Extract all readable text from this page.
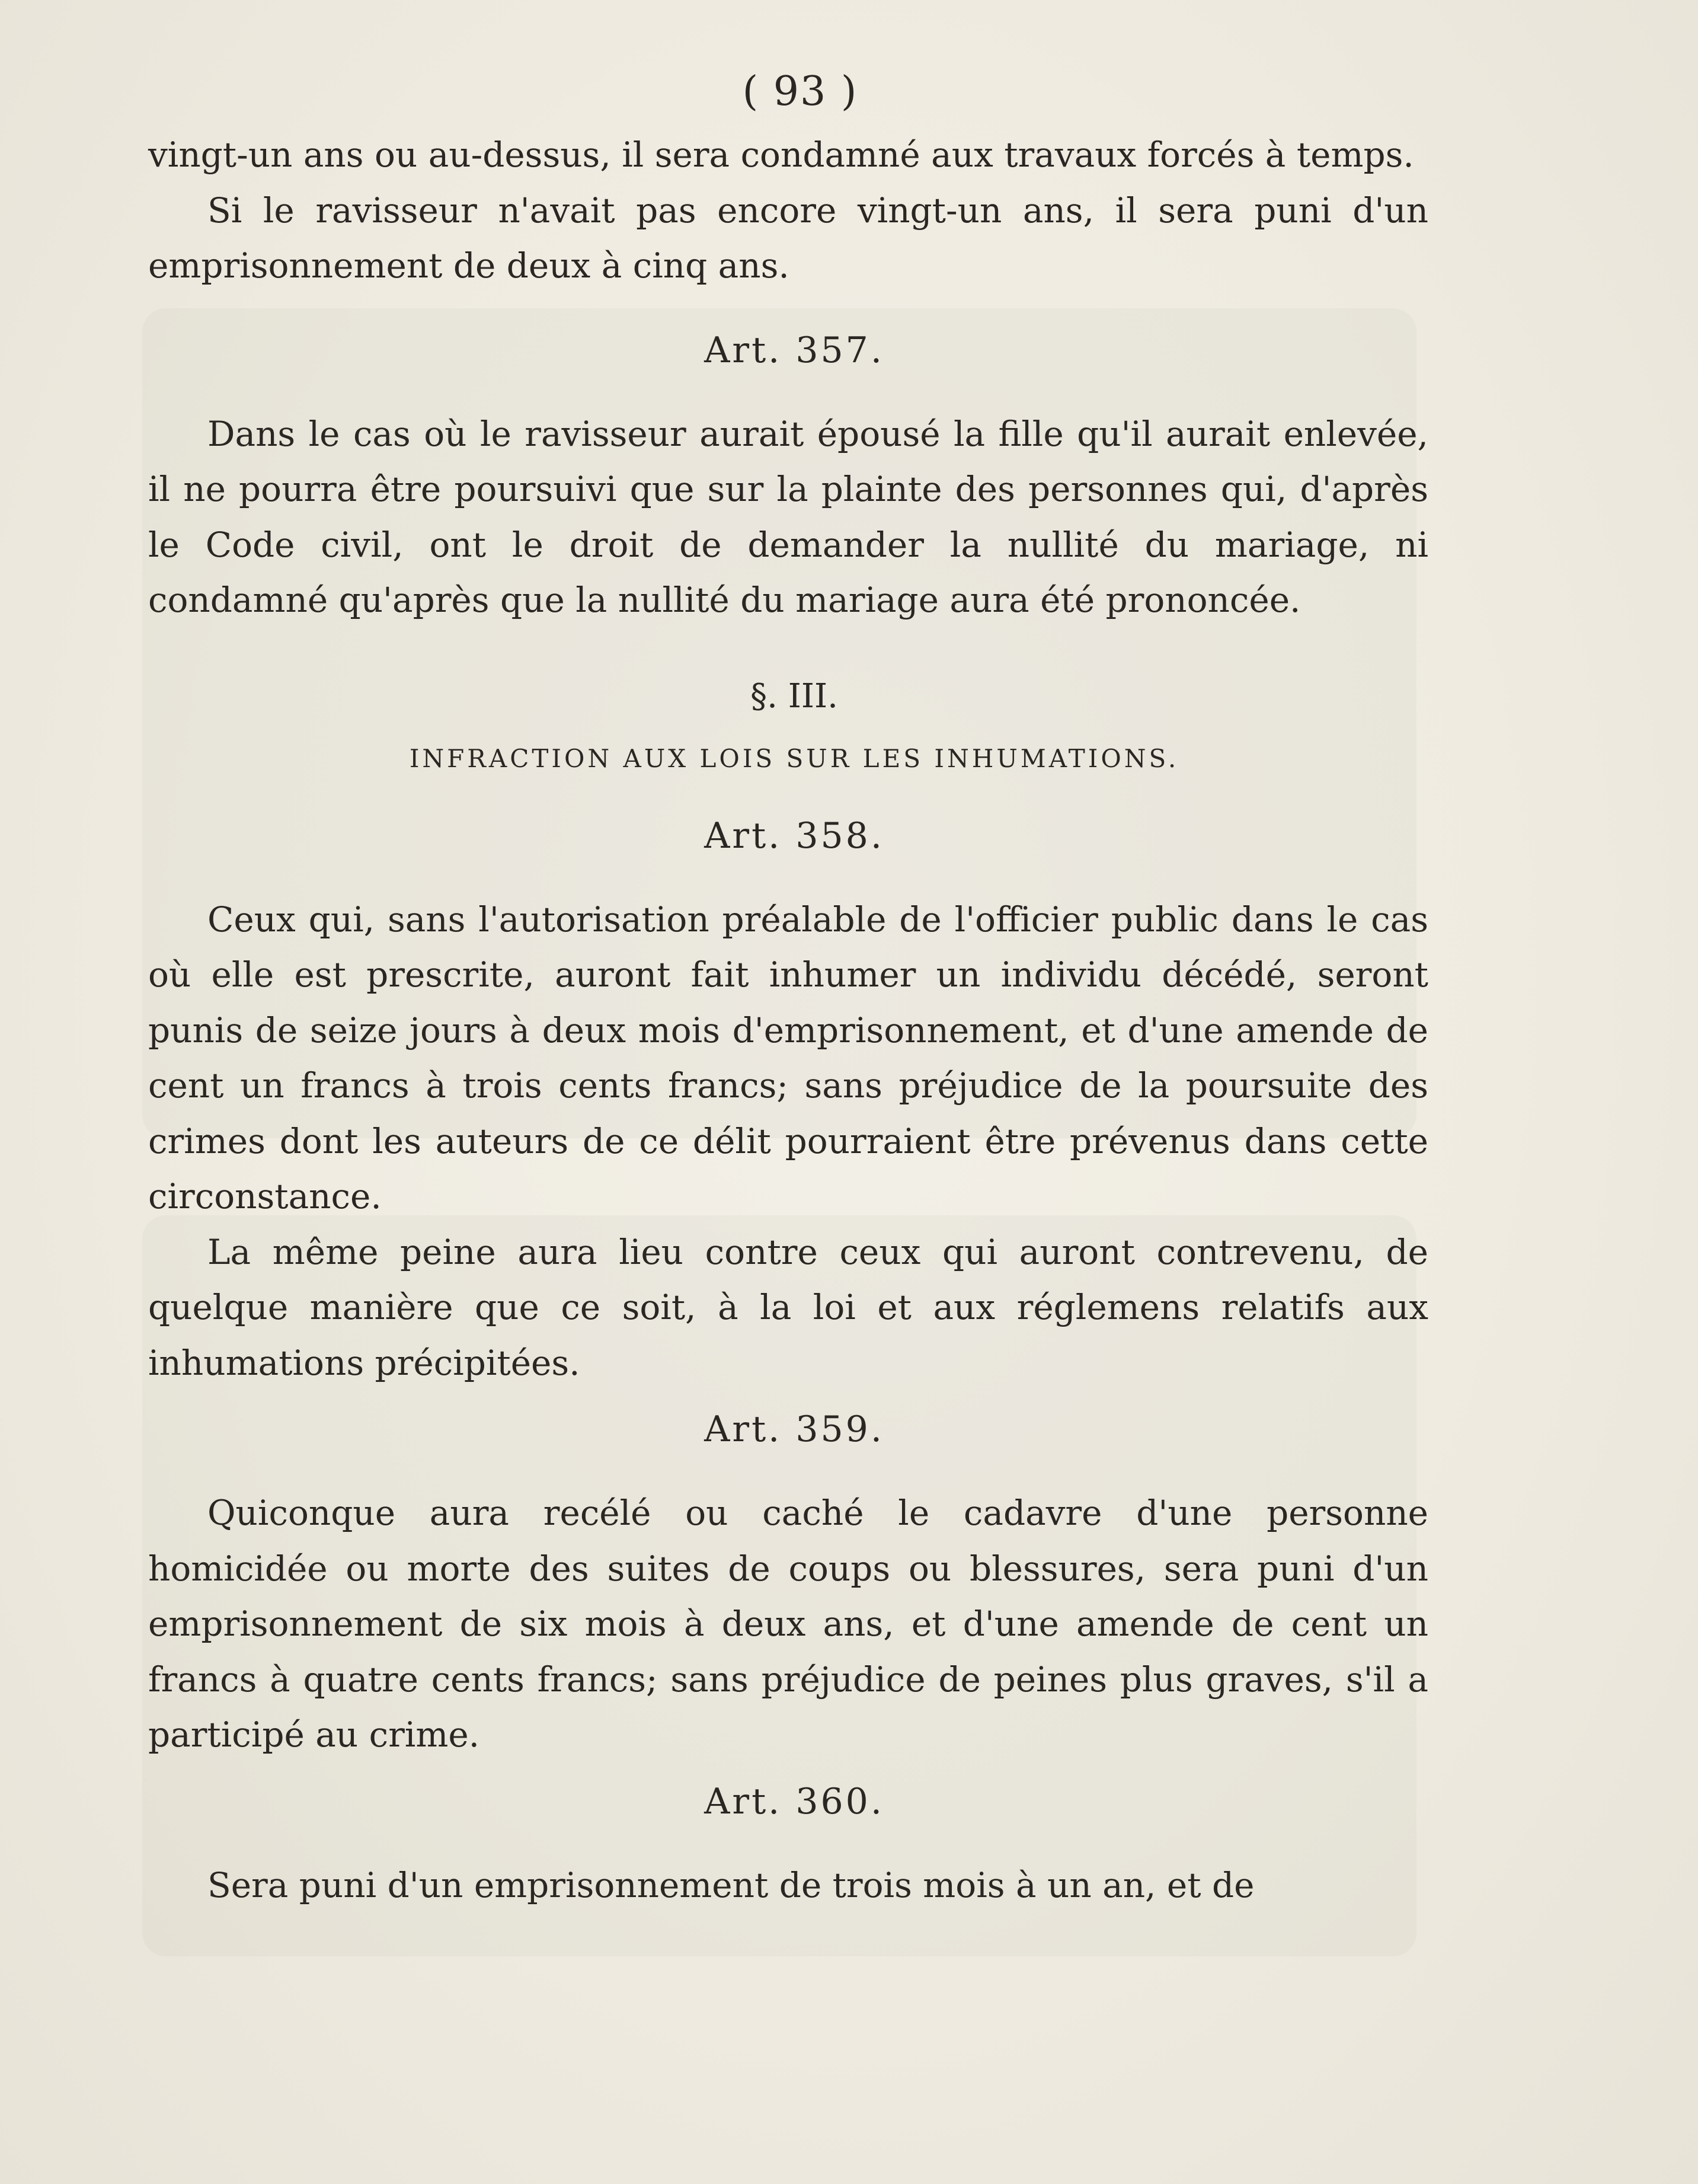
( 93 )

vingt-un ans ou au-dessus, il sera condamné aux travaux forcés à temps.

Si le ravisseur n'avait pas encore vingt-un ans, il sera puni d'un emprisonnement de deux à cinq ans.

Art. 357.

Dans le cas où le ravisseur aurait épousé la fille qu'il aurait enlevée, il ne pourra être poursuivi que sur la plainte des personnes qui, d'après le Code civil, ont le droit de demander la nullité du mariage, ni condamné qu'après que la nullité du mariage aura été prononcée.

§. III.
INFRACTION AUX LOIS SUR LES INHUMATIONS.
Art. 358.

Ceux qui, sans l'autorisation préalable de l'officier public dans le cas où elle est prescrite, auront fait inhumer un individu décédé, seront punis de seize jours à deux mois d'emprisonnement, et d'une amende de cent un francs à trois cents francs; sans préjudice de la poursuite des crimes dont les auteurs de ce délit pourraient être prévenus dans cette circonstance.

La même peine aura lieu contre ceux qui auront contrevenu, de quelque manière que ce soit, à la loi et aux réglemens relatifs aux inhumations précipitées.

Art. 359.

Quiconque aura recélé ou caché le cadavre d'une personne homicidée ou morte des suites de coups ou blessures, sera puni d'un emprisonnement de six mois à deux ans, et d'une amende de cent un francs à quatre cents francs; sans préjudice de peines plus graves, s'il a participé au crime.

Art. 360.

Sera puni d'un emprisonnement de trois mois à un an, et de
